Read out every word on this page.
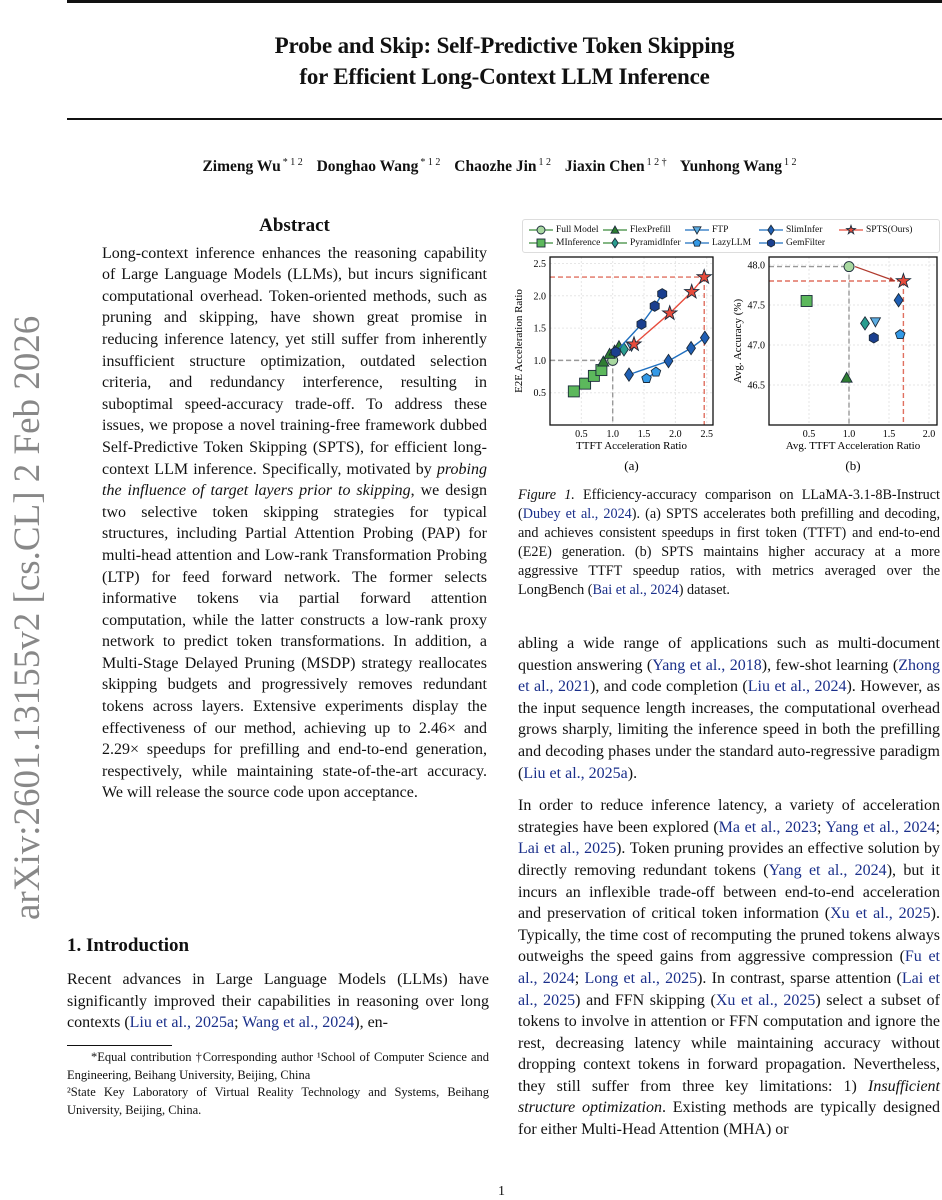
Probe and Skip: Self-Predictive Token Skipping
for Efficient Long-Context LLM Inference
Zimeng Wu $^{* 1 2}$ Donghao Wang $^{* 1 2}$ Chaozhe Jin $^{1 2}$ Jiaxin Chen $^{1 2 \dagger}$ Yunhong Wang $^{1 2}$
arXiv:2601.13155v2 [cs.CL] 2 Feb 2026
Abstract

Long-context inference enhances the reasoning capability of Large Language Models (LLMs), but incurs significant computational overhead. Token-oriented methods, such as pruning and skipping, have shown great promise in reducing inference latency, yet still suffer from inherently insufficient structure optimization, outdated selection criteria, and redundancy interference, resulting in suboptimal speed-accuracy trade-off. To address these issues, we propose a novel training-free framework dubbed Self-Predictive Token Skipping (SPTS), for efficient long-context LLM inference. Specifically, motivated by probing the influence of target layers prior to skipping, we design two selective token skipping strategies for typical structures, including Partial Attention Probing (PAP) for multi-head attention and Low-rank Transformation Probing (LTP) for feed forward network. The former selects informative tokens via partial forward attention computation, while the latter constructs a low-rank proxy network to predict token transformations. In addition, a Multi-Stage Delayed Pruning (MSDP) strategy reallocates skipping budgets and progressively removes redundant tokens across layers. Extensive experiments display the effectiveness of our method, achieving up to 2.46× and 2.29× speedups for prefilling and end-to-end generation, respectively, while maintaining state-of-the-art accuracy. We will release the source code upon acceptance.

1. Introduction

Recent advances in Large Language Models (LLMs) have significantly improved their capabilities in reasoning over long contexts (Liu et al., 2025a; Wang et al., 2024), en-

*Equal contribution †Corresponding author ¹School of Computer Science and Engineering, Beihang University, Beijing, China
²State Key Laboratory of Virtual Reality Technology and Systems, Beihang University, Beijing, China.
Full Model
MInference
FlexPrefill
PyramidInfer
FTP
LazyLLM
SlimInfer
GemFilter
SPTS(Ours)
0.5 1.0 1.5 2.0 2.5
0.5
1.0
1.5
2.0
2.5
TTFT Acceleration Ratio
E2E Acceleration Ratio
(a)
0.5	1.0	1.5	2.0
46.5
47.0
47.5
48.0
Avg. TTFT Acceleration Ratio
Avg. Accuracy (%)
(b)
Figure 1. Efficiency-accuracy comparison on LLaMA-3.1-8B-Instruct (Dubey et al., 2024). (a) SPTS accelerates both prefilling and decoding, and achieves consistent speedups in first token (TTFT) and end-to-end (E2E) generation. (b) SPTS maintains higher accuracy at a more aggressive TTFT speedup ratios, with metrics averaged over the LongBench (Bai et al., 2024) dataset.

abling a wide range of applications such as multi-document question answering (Yang et al., 2018), few-shot learning (Zhong et al., 2021), and code completion (Liu et al., 2024). However, as the input sequence length increases, the computational overhead grows sharply, limiting the inference speed in both the prefilling and decoding phases under the standard auto-regressive paradigm (Liu et al., 2025a).

In order to reduce inference latency, a variety of acceleration strategies have been explored (Ma et al., 2023; Yang et al., 2024; Lai et al., 2025). Token pruning provides an effective solution by directly removing redundant tokens (Yang et al., 2024), but it incurs an inflexible trade-off between end-to-end acceleration and preservation of critical token information (Xu et al., 2025). Typically, the time cost of recomputing the pruned tokens always outweighs the speed gains from aggressive compression (Fu et al., 2024; Long et al., 2025). In contrast, sparse attention (Lai et al., 2025) and FFN skipping (Xu et al., 2025) select a subset of tokens to involve in attention or FFN computation and ignore the rest, decreasing latency while maintaining accuracy without dropping context tokens in forward propagation. Nevertheless, they still suffer from three key limitations: 1) Insufficient structure optimization. Existing methods are typically designed for either Multi-Head Attention (MHA) or

1
